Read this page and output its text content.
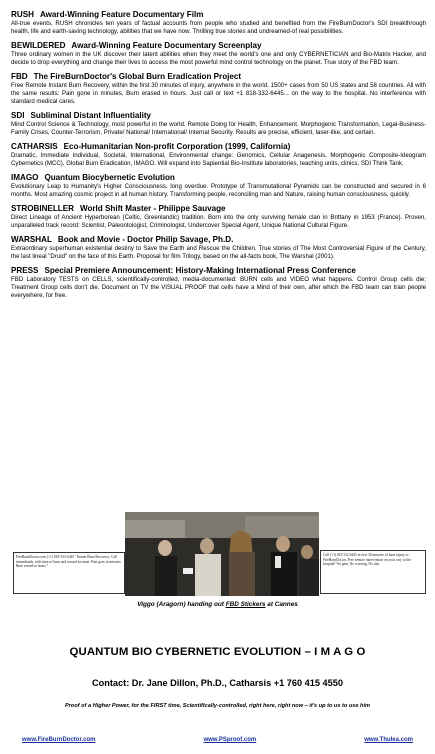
RUSH Award-Winning Feature Documentary Film
All-true events, RUSH chronicles ten years of factual accounts from people who studied and benefited from the FireBurnDoctor's SDI breakthrough health, life and earth-saving technology, abilities that we have now. Thrilling true stories and undreamed-of real possibilities.
BEWILDERED Award-Winning Feature Documentary Screenplay
Three ordinary women in the UK discover their latent abilities when they meet the world's one and only CYBERNETICIAN and Bio-Matrix Hacker, and decide to drop everything and change their lives to access the most powerful mind control technology on the planet. True story of the FBD team.
FBD The FireBurnDoctor's Global Burn Eradication Project
Free Remote Instant Burn Recovery, within the first 30 minutes of injury, anywhere in the world. 1500+ cases from 50 US states and 58 countries. All with the same results: Pain gone in minutes, Burn erased in hours. Just call or text +1 818-332-6445... on the way to the hospital. No interference with standard medical cares.
SDI Subliminal Distant Influentiality
Mind Control Science & Technology, most powerful in the world. Remote Doing for Health, Enhancement. Morphogenic Transformation, Legal-Business-Family Crises, Counter-Terrorism, Private/ National/ International/ Internal Security. Results are precise, efficient, laser-like, and certain.
CATHARSIS Eco-Humanitarian Non-profit Corporation (1999, California)
Dramatic, Immediate Individual, Societal, International, Environmental change: Genomics, Cellular Anagenesis, Morphogenic Composite-Ideogram Cybernetics (MCC), Global Burn Eradication, IMAGO. Will expand into Sapiential Bio-Institute laboratories, teaching units, clinics, SDI Think Tank.
IMAGO Quantum Biocybernetic Evolution
Evolutionary Leap to Humanity's Higher Consciousness, long overdue. Prototype of Transmutational Pyramids can be constructed and secured in 6 months. Most amazing cosmic project in all human history. Transforming people, reconciling man and Nature, raising human consciousness, quickly.
STROBINELLER World Shift Master - Philippe Sauvage
Direct Lineage of Ancient Hyperborean (Celtic, Greenlandic) tradition. Born into the only surviving female clan in Brittany in 1953 (France). Proven, unparalleled track record: Scientist, Paleontologist, Criminologist, Undercover Special Agent, Unique National Cultural Figure.
WARSHAL Book and Movie - Doctor Philip Savage, Ph.D.
Extraordinary superhuman existential destiny to Save the Earth and Rescue the Children. True stories of The Most Controversial Figure of the Century, the last lineal "Druid" on the face of this Earth. Proposal for film Trilogy, based on the all-facts book, The Warshal (2001).
PRESS Special Premiere Announcement: History-Making International Press Conference
FBD Laboratory TESTS on CELLS, scientifically-controlled, media-documented: BURN cells and VIDEO what happens. Control Group cells die; Treatment Group cells don't die. Document on TV the VISUAL PROOF that cells have a Mind of their own, after which the FBD team can train people everywhere, for free.
FireBurnDoctor.com (+1) 818-332-6445 "Instant Burn Recovery: Call immediately with time of burn and wound location. Pain goes in minutes. Burn erased in hours."
Call (+1) 818 332 6445 in first 30 minutes of burn injury to FireBurnDoctor. Free remote intervention on your way to the hospital! No pain, No scarring, No risk.
Viggo (Aragorn) handing out FBD Stickers at Cannes
QUANTUM BIO CYBERNETIC EVOLUTION – I M A G O
Contact: Dr. Jane Dillon, Ph.D., Catharsis +1 760 415 4550
Proof of a Higher Power, for the FIRST time, Scientifically-controlled, right here, right now – it's up to us to use him
www.FireBurnDoctor.com	www.PSproof.com	www.Thulea.com
